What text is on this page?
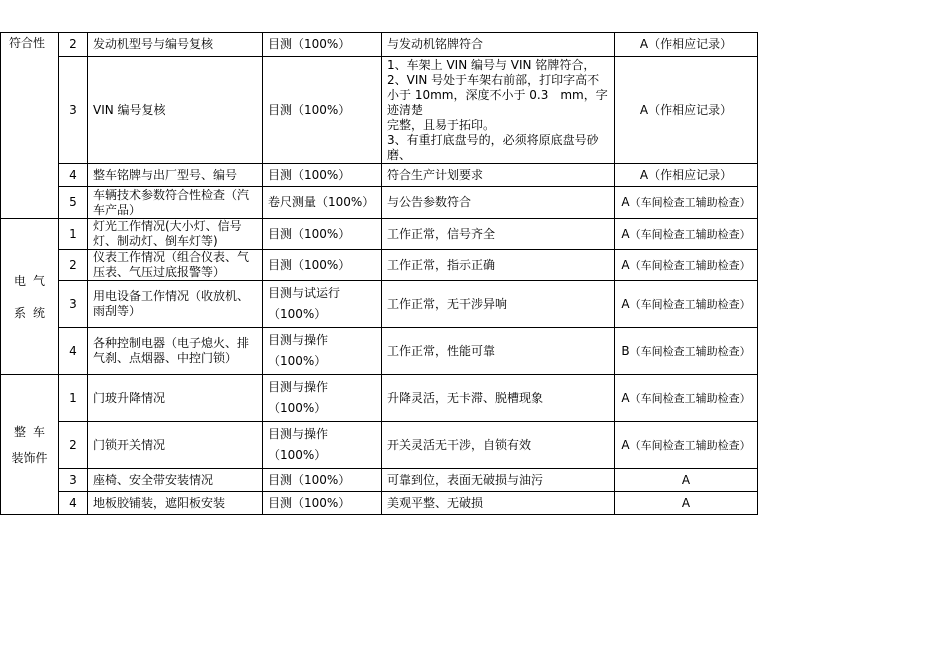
符合性	2	发动机型号与编号复核	目测（100%）	与发动机铭牌符合	A（作相应记录）
	3	VIN 编号复核	目测（100%）	1、车架上 VIN 编号与 VIN 铭牌符合，
2、VIN 号处于车架右前部，打印字高不小于 10mm，深度不小于 0.3　mm，字迹清楚
完整，且易于拓印。
3、有重打底盘号的，必须将原底盘号砂磨、	A（作相应记录）
	4	整车铭牌与出厂型号、编号	目测（100%）	符合生产计划要求	A（作相应记录）
	5	车辆技术参数符合性检查（汽车产品）	卷尺测量（100%）	与公告参数符合	A（车间检查工辅助检查）

电 气
系 统	1	灯光工作情况(大小灯、信号灯、制动灯、倒车灯等)	目测（100%）	工作正常，信号齐全	A（车间检查工辅助检查）
	2	仪表工作情况（组合仪表、气压表、气压过底报警等）	目测（100%）	工作正常，指示正确	A（车间检查工辅助检查）
	3	用电设备工作情况（收放机、雨刮等）	目测与试运行
（100%）	工作正常，无干涉异响	A（车间检查工辅助检查）
	4	各种控制电器（电子熄火、排气刹、点烟器、中控门锁）	目测与操作
（100%）	工作正常，性能可靠	B（车间检查工辅助检查）

整 车
装饰件	1	门玻升降情况	目测与操作
（100%）	升降灵活，无卡滞、脱槽现象	A（车间检查工辅助检查）
	2	门锁开关情况	目测与操作
（100%）	开关灵活无干涉，自锁有效	A（车间检查工辅助检查）
	3	座椅、安全带安装情况	目测（100%）	可靠到位，表面无破损与油污	A
	4	地板胶铺装，遮阳板安装	目测（100%）	美观平整、无破损	A
